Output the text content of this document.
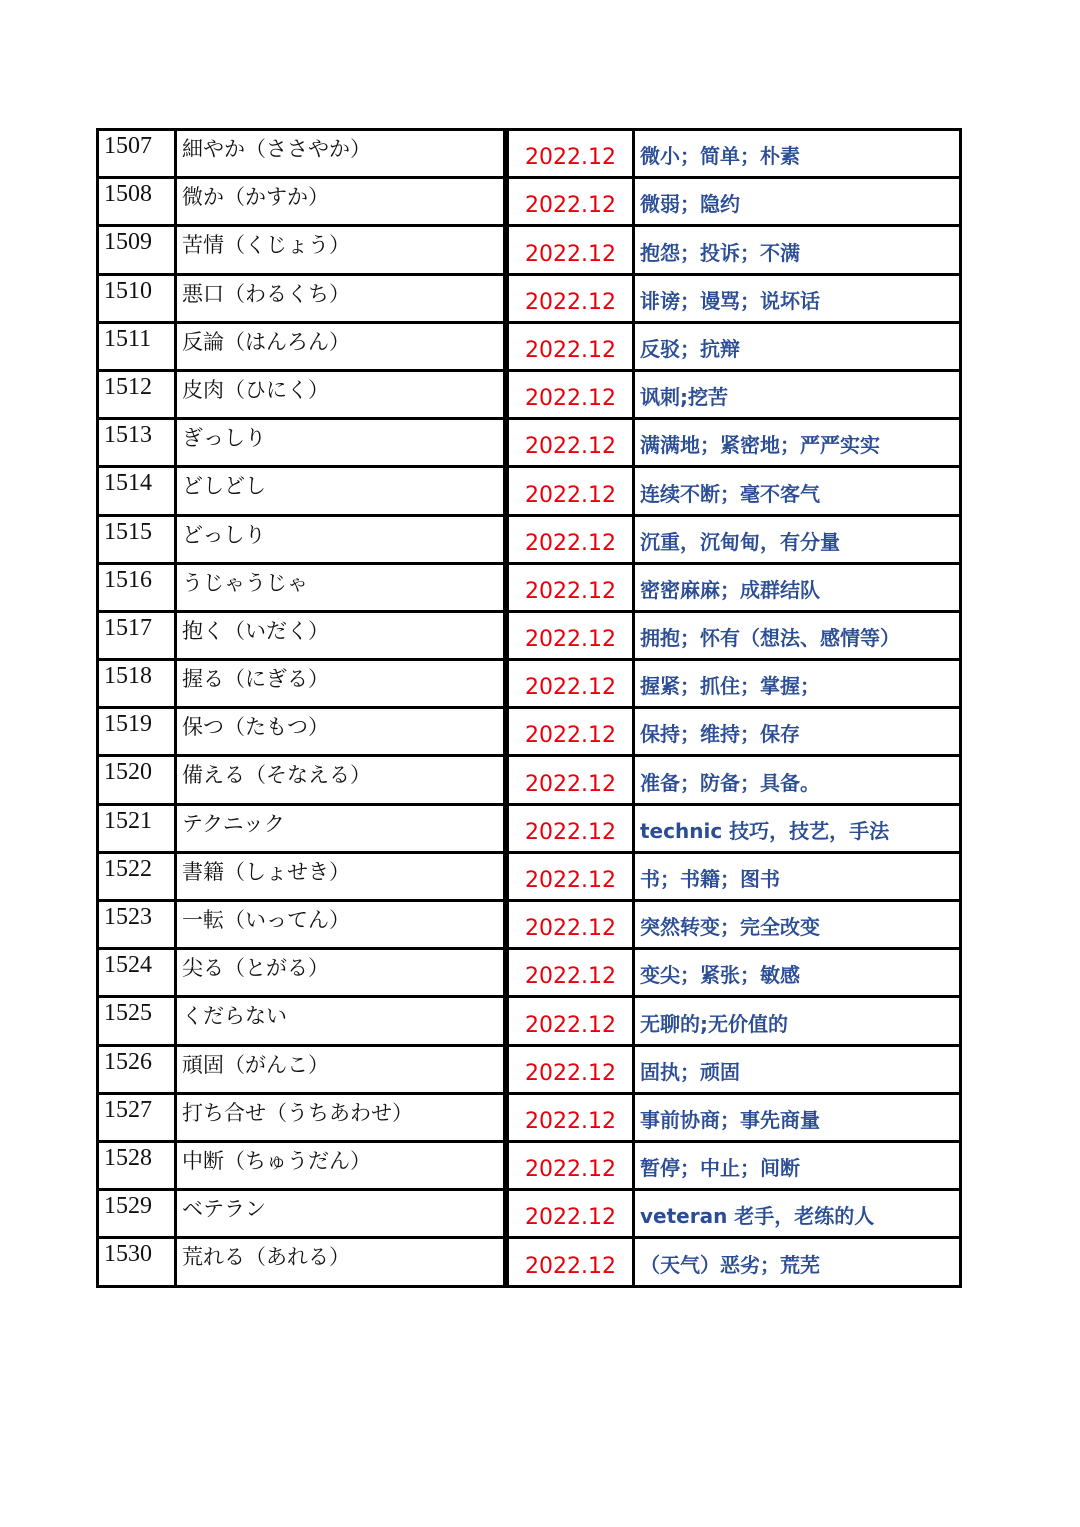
1507	細やか（ささやか）		2022.12	微小；简单；朴素
1508	微か（かすか）		2022.12	微弱；隐约
1509	苦情（くじょう）		2022.12	抱怨；投诉；不满
1510	悪口（わるくち）		2022.12	诽谤；谩骂；说坏话
1511	反論（はんろん）		2022.12	反驳；抗辩
1512	皮肉（ひにく）		2022.12	讽刺;挖苦
1513	ぎっしり		2022.12	满满地；紧密地；严严实实
1514	どしどし		2022.12	连续不断；毫不客气
1515	どっしり		2022.12	沉重，沉甸甸，有分量
1516	うじゃうじゃ		2022.12	密密麻麻；成群结队
1517	抱く（いだく）		2022.12	拥抱；怀有（想法、感情等）
1518	握る（にぎる）		2022.12	握紧；抓住；掌握；
1519	保つ（たもつ）		2022.12	保持；维持；保存
1520	備える（そなえる）		2022.12	准备；防备；具备。
1521	テクニック		2022.12	technic 技巧，技艺，手法
1522	書籍（しょせき）		2022.12	书；书籍；图书
1523	一転（いってん）		2022.12	突然转变；完全改变
1524	尖る（とがる）		2022.12	变尖；紧张；敏感
1525	くだらない		2022.12	无聊的;无价值的
1526	頑固（がんこ）		2022.12	固执；顽固
1527	打ち合せ（うちあわせ）		2022.12	事前协商；事先商量
1528	中断（ちゅうだん）		2022.12	暂停；中止；间断
1529	ベテラン		2022.12	veteran 老手，老练的人
1530	荒れる（あれる）		2022.12	（天气）恶劣；荒芜
